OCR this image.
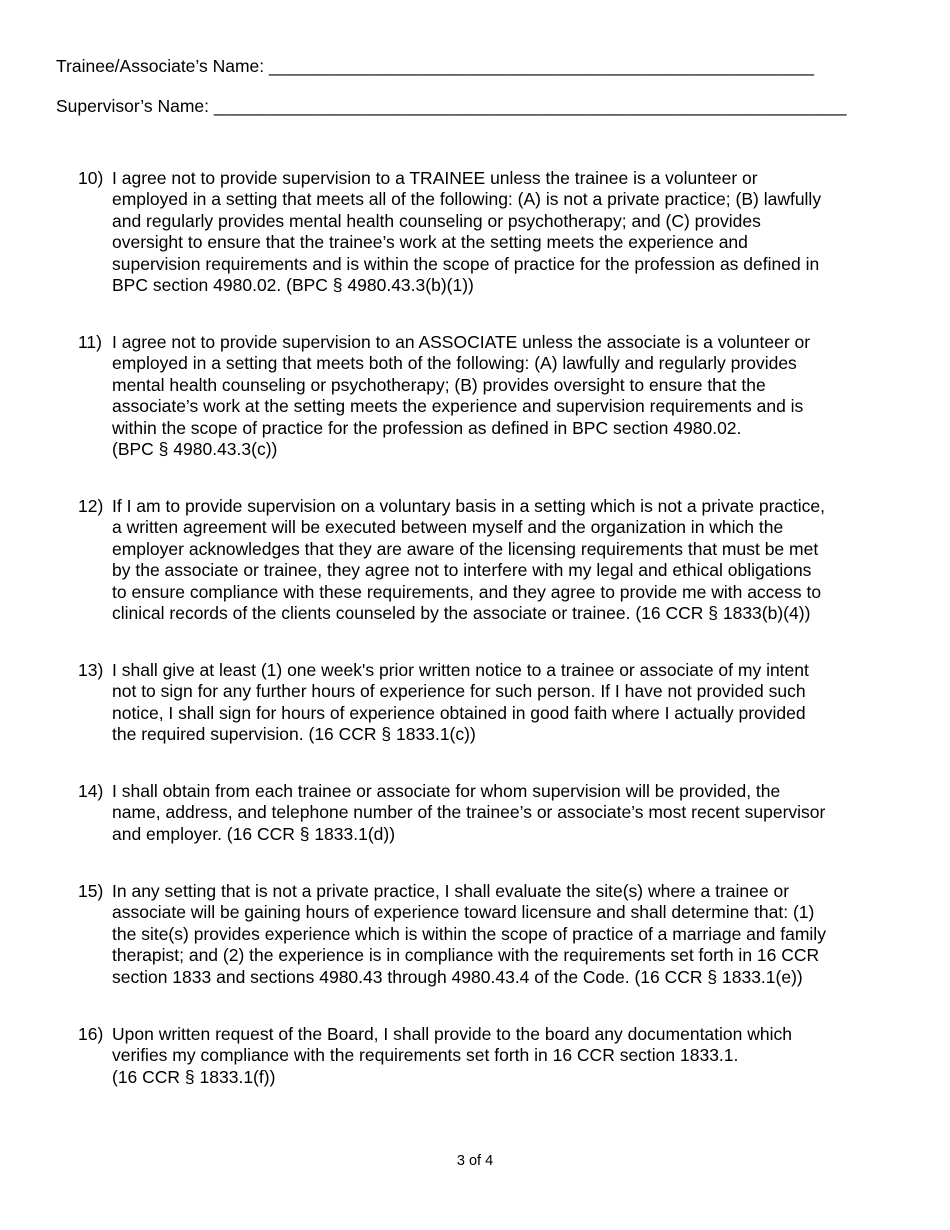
Trainee/Associate’s Name: ________________________________________________________
Supervisor’s Name: _________________________________________________________________
10) I agree not to provide supervision to a TRAINEE unless the trainee is a volunteer or
employed in a setting that meets all of the following: (A) is not a private practice; (B) lawfully
and regularly provides mental health counseling or psychotherapy; and (C) provides
oversight to ensure that the trainee’s work at the setting meets the experience and
supervision requirements and is within the scope of practice for the profession as defined in
BPC section 4980.02. (BPC § 4980.43.3(b)(1))
11) I agree not to provide supervision to an ASSOCIATE unless the associate is a volunteer or
employed in a setting that meets both of the following: (A) lawfully and regularly provides
mental health counseling or psychotherapy; (B) provides oversight to ensure that the
associate’s work at the setting meets the experience and supervision requirements and is
within the scope of practice for the profession as defined in BPC section 4980.02.
(BPC § 4980.43.3(c))
12) If I am to provide supervision on a voluntary basis in a setting which is not a private practice,
a written agreement will be executed between myself and the organization in which the
employer acknowledges that they are aware of the licensing requirements that must be met
by the associate or trainee, they agree not to interfere with my legal and ethical obligations
to ensure compliance with these requirements, and they agree to provide me with access to
clinical records of the clients counseled by the associate or trainee. (16 CCR § 1833(b)(4))
13) I shall give at least (1) one week's prior written notice to a trainee or associate of my intent
not to sign for any further hours of experience for such person. If I have not provided such
notice, I shall sign for hours of experience obtained in good faith where I actually provided
the required supervision. (16 CCR § 1833.1(c))
14) I shall obtain from each trainee or associate for whom supervision will be provided, the
name, address, and telephone number of the trainee’s or associate’s most recent supervisor
and employer. (16 CCR § 1833.1(d))
15) In any setting that is not a private practice, I shall evaluate the site(s) where a trainee or
associate will be gaining hours of experience toward licensure and shall determine that: (1)
the site(s) provides experience which is within the scope of practice of a marriage and family
therapist; and (2) the experience is in compliance with the requirements set forth in 16 CCR
section 1833 and sections 4980.43 through 4980.43.4 of the Code. (16 CCR § 1833.1(e))
16) Upon written request of the Board, I shall provide to the board any documentation which
verifies my compliance with the requirements set forth in 16 CCR section 1833.1.
(16 CCR § 1833.1(f))
3 of 4
